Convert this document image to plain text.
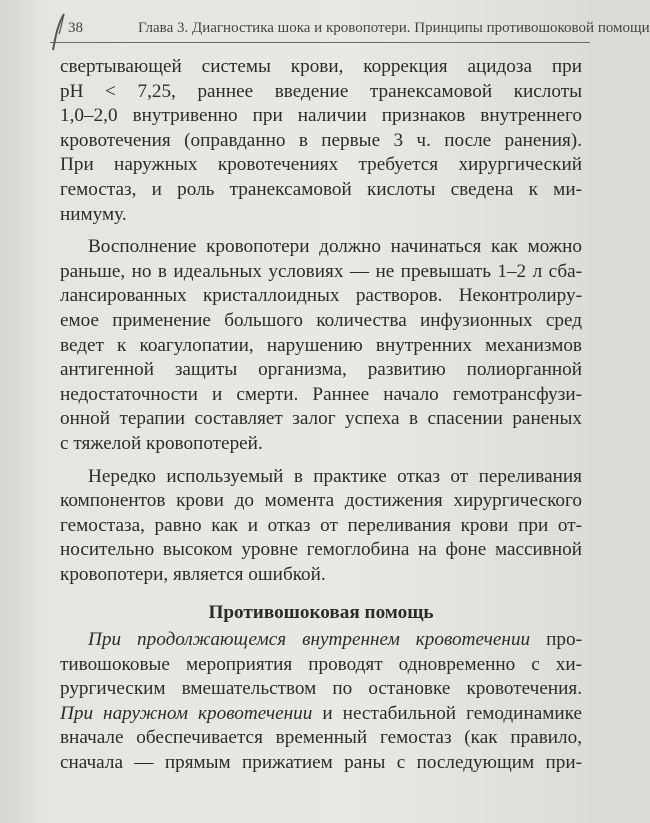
38	Глава 3. Диагностика шока и кровопотери. Принципы противошоковой помощи
свертывающей системы крови, коррекция ацидоза при
pH < 7,25, раннее введение транексамовой кислоты
1,0–2,0 внутривенно при наличии признаков внутреннего
кровотечения (оправданно в первые 3 ч. после ранения).
При наружных кровотечениях требуется хирургический
гемостаз, и роль транексамовой кислоты сведена к ми-
нимуму.
Восполнение кровопотери должно начинаться как можно
раньше, но в идеальных условиях — не превышать 1–2 л сба-
лансированных кристаллоидных растворов. Неконтролиру-
емое применение большого количества инфузионных сред
ведет к коагулопатии, нарушению внутренних механизмов
антигенной защиты организма, развитию полиорганной
недостаточности и смерти. Раннее начало гемотрансфузи-
онной терапии составляет залог успеха в спасении раненых
с тяжелой кровопотерей.
Нередко используемый в практике отказ от переливания
компонентов крови до момента достижения хирургического
гемостаза, равно как и отказ от переливания крови при от-
носительно высоком уровне гемоглобина на фоне массивной
кровопотери, является ошибкой.
Противошоковая помощь
При продолжающемся внутреннем кровотечении про-
тивошоковые мероприятия проводят одновременно с хи-
рургическим вмешательством по остановке кровотечения.
При наружном кровотечении и нестабильной гемодинамике
вначале обеспечивается временный гемостаз (как правило,
сначала — прямым прижатием раны с последующим при-
